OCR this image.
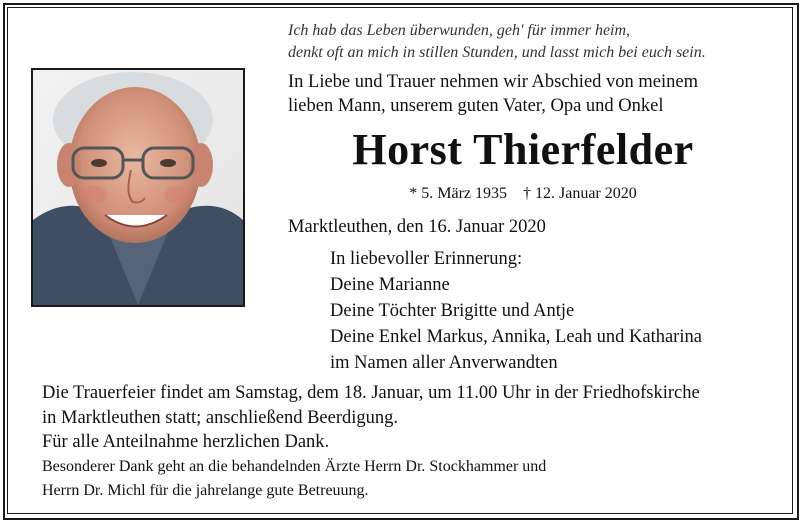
Ich hab das Leben überwunden, geh' für immer heim,
denkt oft an mich in stillen Stunden, und lasst mich bei euch sein.
In Liebe und Trauer nehmen wir Abschied von meinem
lieben Mann, unserem guten Vater, Opa und Onkel
Horst Thierfelder
* 5. März 1935 † 12. Januar 2020
Marktleuthen, den 16. Januar 2020
In liebevoller Erinnerung:
Deine Marianne
Deine Töchter Brigitte und Antje
Deine Enkel Markus, Annika, Leah und Katharina
im Namen aller Anverwandten
Die Trauerfeier findet am Samstag, dem 18. Januar, um 11.00 Uhr in der Friedhofskirche
in Marktleuthen statt; anschließend Beerdigung.
Für alle Anteilnahme herzlichen Dank.
Besonderer Dank geht an die behandelnden Ärzte Herrn Dr. Stockhammer und
Herrn Dr. Michl für die jahrelange gute Betreuung.
